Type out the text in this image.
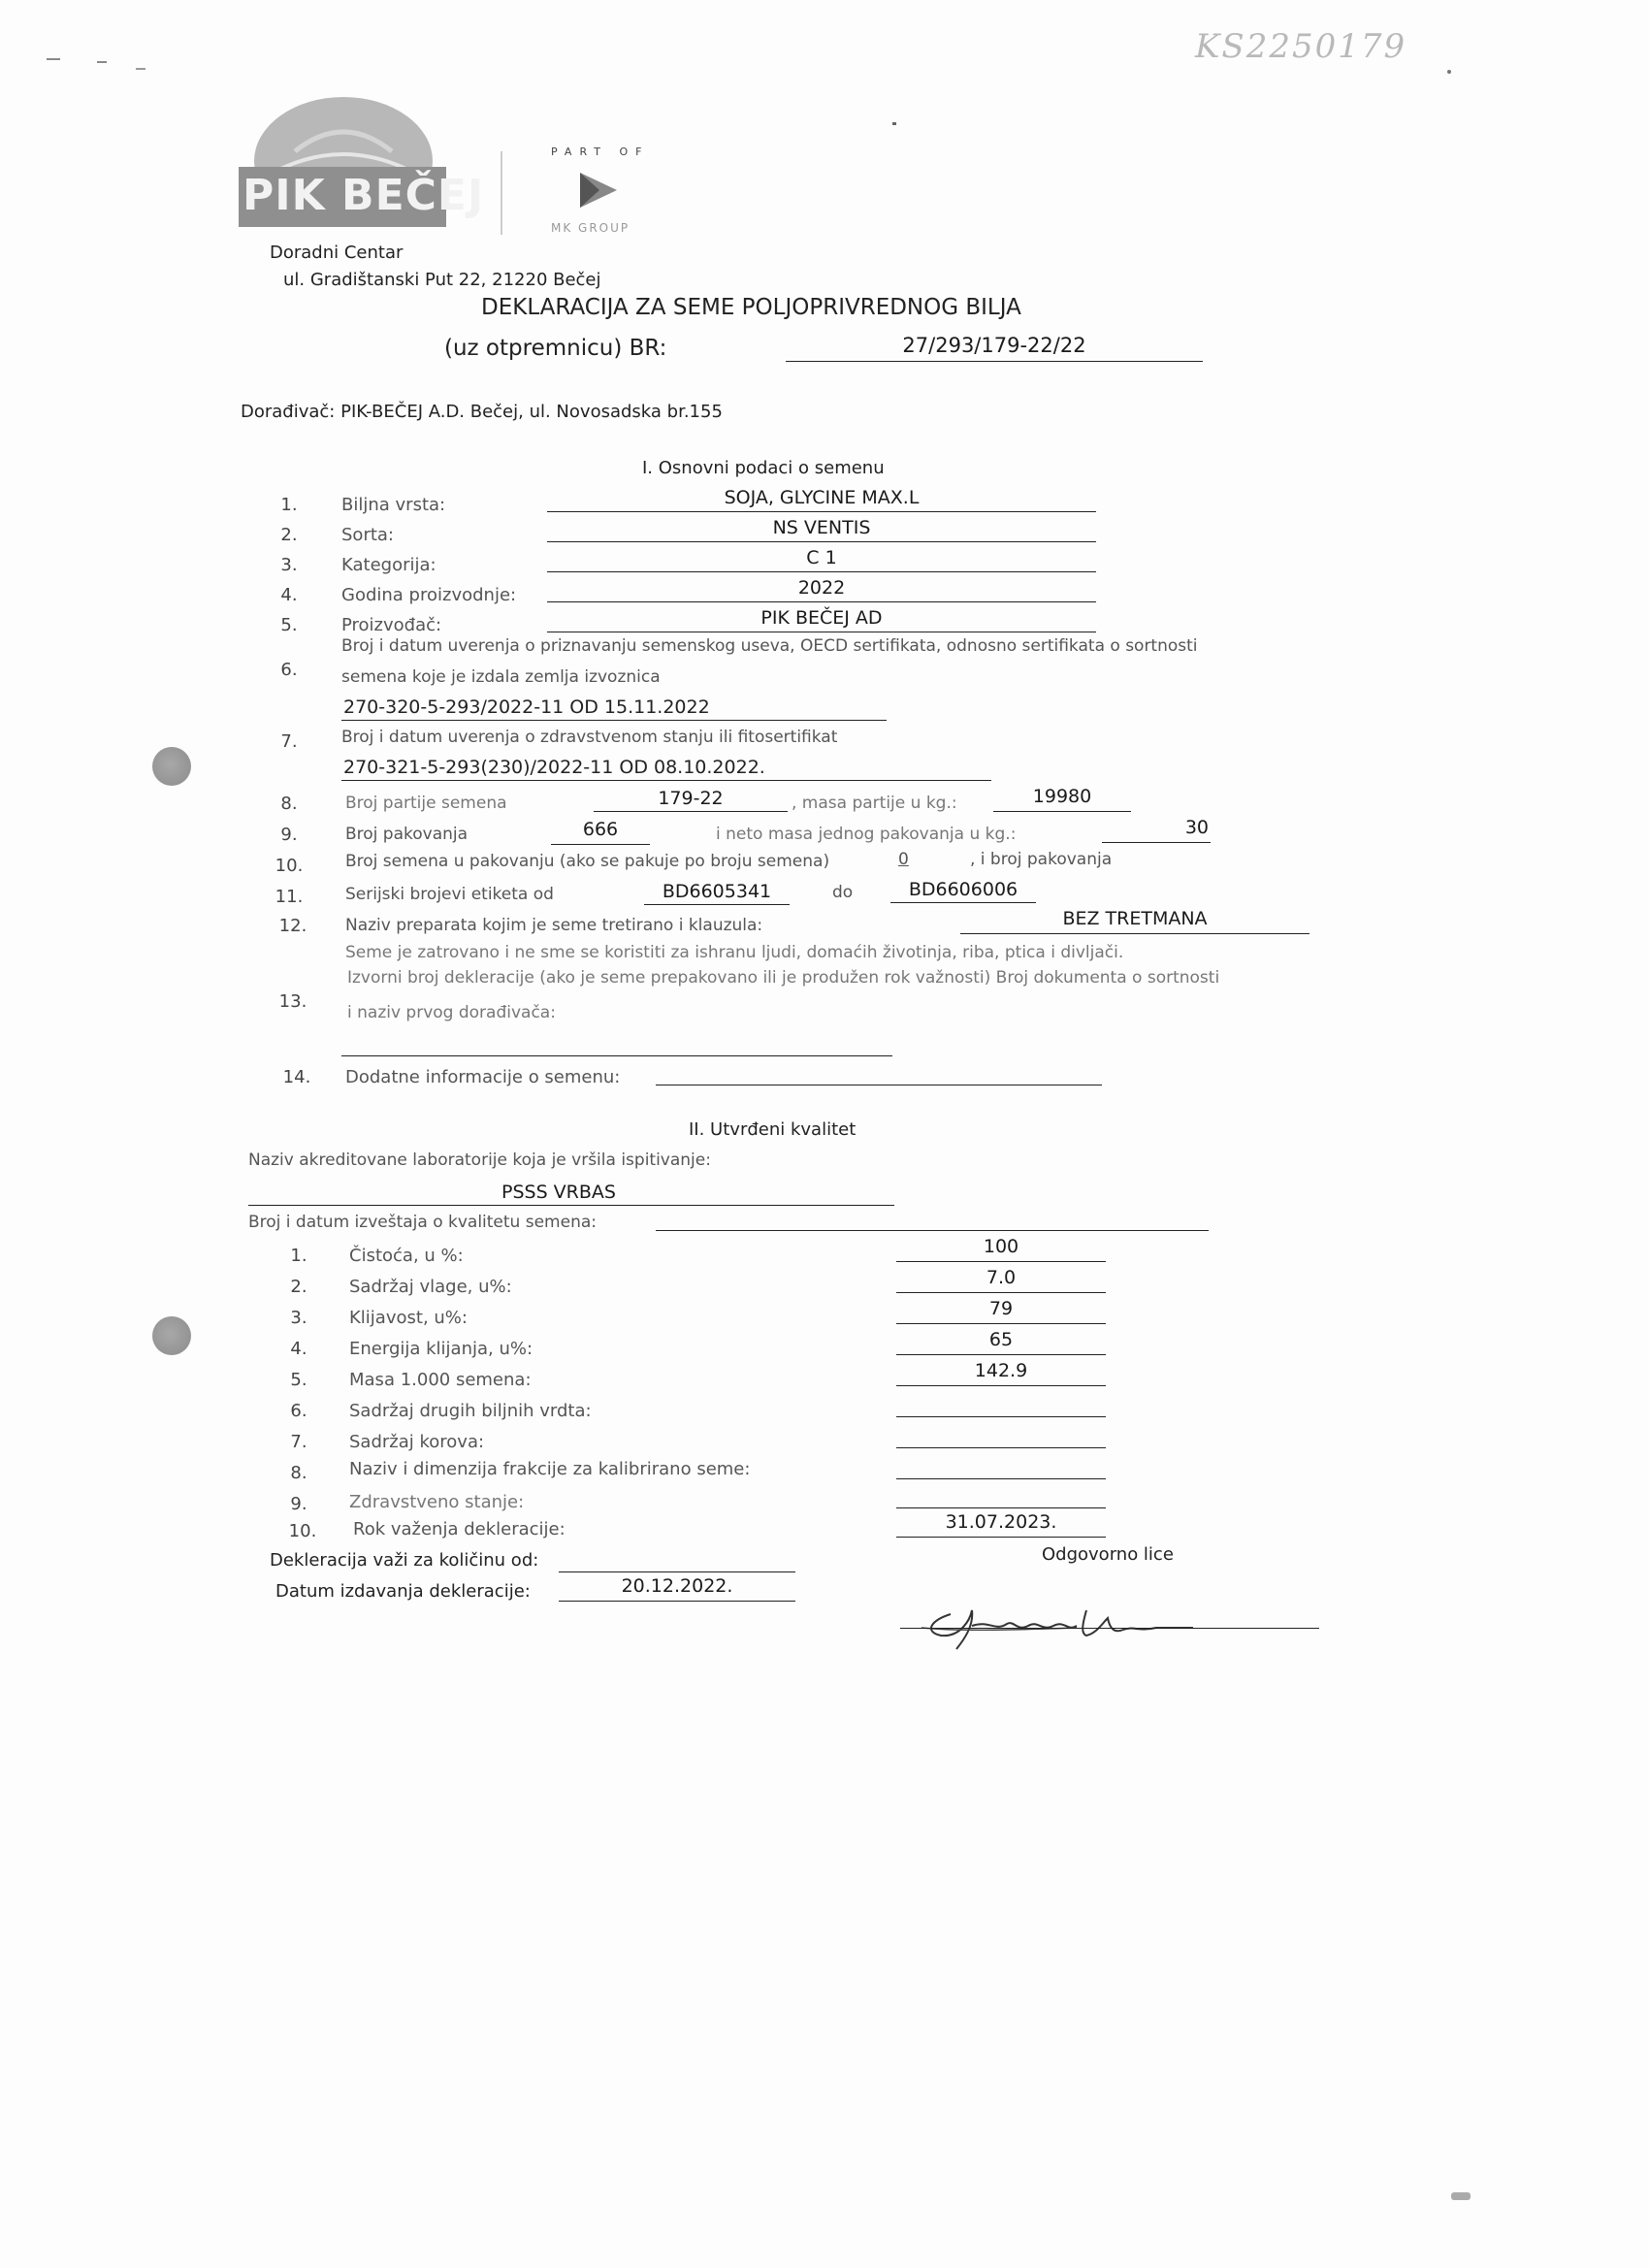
KS2250179
PIK BEČEJ
PART OF
MK GROUP
Doradni Centar
ul. Gradištanski Put 22, 21220 Bečej
DEKLARACIJA ZA SEME POLJOPRIVREDNOG BILJA
(uz otpremnicu) BR:	27/293/179-22/22
Dorađivač: PIK-BEČEJ A.D. Bečej, ul. Novosadska br.155
I. Osnovni podaci o semenu
1.	Biljna vrsta:	SOJA, GLYCINE MAX.L
2.	Sorta:	NS VENTIS
3.	Kategorija:	C 1
4.	Godina proizvodnje:	2022
5.	Proizvođač:	PIK BEČEJ AD
6.
Broj i datum uverenja o priznavanju semenskog useva, OECD sertifikata, odnosno sertifikata o sortnosti
semena koje je izdala zemlja izvoznica
270-320-5-293/2022-11 OD 15.11.2022
7.	Broj i datum uverenja o zdravstvenom stanju ili fitosertifikat
270-321-5-293(230)/2022-11 OD 08.10.2022.
8.	Broj partije semena	179-22	, masa partije u kg.:	19980
9.	Broj pakovanja	666	i neto masa jednog pakovanja u kg.:	30
10.	Broj semena u pakovanju (ako se pakuje po broju semena)	0	, i broj pakovanja
11.	Serijski brojevi etiketa od	BD6605341	do	BD6606006
12.	Naziv preparata kojim je seme tretirano i klauzula:	BEZ TRETMANA
Seme je zatrovano i ne sme se koristiti za ishranu ljudi, domaćih životinja, riba, ptica i divljači.
13.
Izvorni broj dekleracije (ako je seme prepakovano ili je produžen rok važnosti) Broj dokumenta o sortnosti
i naziv prvog dorađivača:
14.	Dodatne informacije o semenu:
II. Utvrđeni kvalitet
Naziv akreditovane laboratorije koja je vršila ispitivanje:
PSSS VRBAS
Broj i datum izveštaja o kvalitetu semena:
1.	Čistoća, u %:	100
2.	Sadržaj vlage, u%:	7.0
3.	Klijavost, u%:	79
4.	Energija klijanja, u%:	65
5.	Masa 1.000 semena:	142.9
6.	Sadržaj drugih biljnih vrdta:
7.	Sadržaj korova:
8.	Naziv i dimenzija frakcije za kalibrirano seme:
9.	Zdravstveno stanje:
10.	Rok važenja dekleracije:	31.07.2023.
Dekleracija važi za količinu od:
Datum izdavanja dekleracije:	20.12.2022.
Odgovorno lice
